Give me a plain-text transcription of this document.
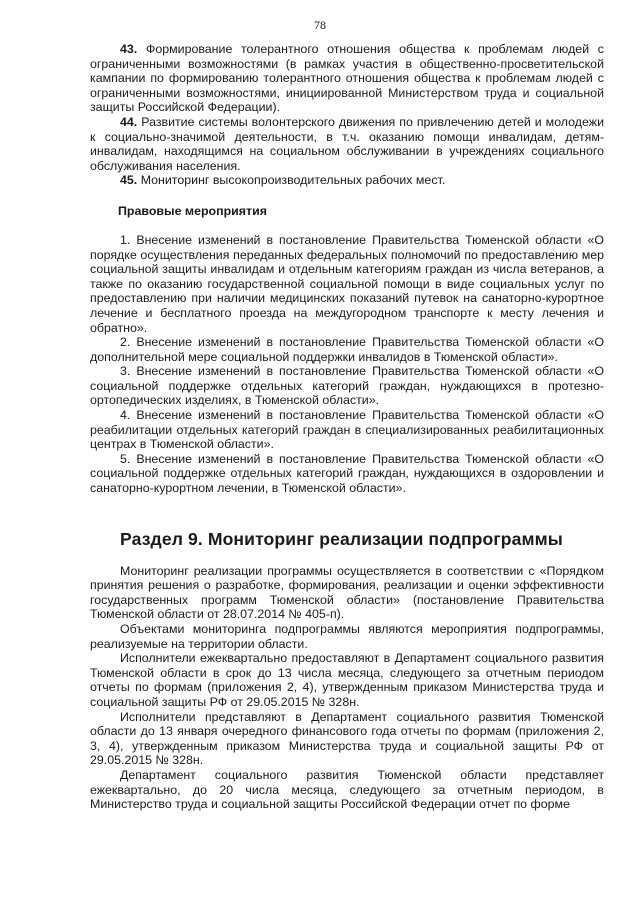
78

43. Формирование толерантного отношения общества к проблемам людей с ограниченными возможностями (в рамках участия в общественно-просветительской кампании по формированию толерантного отношения общества к проблемам людей с ограниченными возможностями, инициированной Министерством труда и социальной защиты Российской Федерации).

44. Развитие системы волонтерского движения по привлечению детей и молодежи к социально-значимой деятельности, в т.ч. оказанию помощи инвалидам, детям-инвалидам, находящимся на социальном обслуживании в учреждениях социального обслуживания населения.

45. Мониторинг высокопроизводительных рабочих мест.

Правовые мероприятия

1. Внесение изменений в постановление Правительства Тюменской области «О порядке осуществления переданных федеральных полномочий по предоставлению мер социальной защиты инвалидам и отдельным категориям граждан из числа ветеранов, а также по оказанию государственной социальной помощи в виде социальных услуг по предоставлению при наличии медицинских показаний путевок на санаторно-курортное лечение и бесплатного проезда на междугородном транспорте к месту лечения и обратно».

2. Внесение изменений в постановление Правительства Тюменской области «О дополнительной мере социальной поддержки инвалидов в Тюменской области».

3. Внесение изменений в постановление Правительства Тюменской области «О социальной поддержке отдельных категорий граждан, нуждающихся в протезно-ортопедических изделиях, в Тюменской области».

4. Внесение изменений в постановление Правительства Тюменской области «О реабилитации отдельных категорий граждан в специализированных реабилитационных центрах в Тюменской области».

5. Внесение изменений в постановление Правительства Тюменской области «О социальной поддержке отдельных категорий граждан, нуждающихся в оздоровлении и санаторно-курортном лечении, в Тюменской области».

Раздел 9. Мониторинг реализации подпрограммы

Мониторинг реализации программы осуществляется в соответствии с «Порядком принятия решения о разработке, формирования, реализации и оценки эффективности государственных программ Тюменской области» (постановление Правительства Тюменской области от 28.07.2014 № 405-п).

Объектами мониторинга подпрограммы являются мероприятия подпрограммы, реализуемые на территории области.

Исполнители ежеквартально предоставляют в Департамент социального развития Тюменской области в срок до 13 числа месяца, следующего за отчетным периодом отчеты по формам (приложения 2, 4), утвержденным приказом Министерства труда и социальной защиты РФ от 29.05.2015 № 328н.

Исполнители представляют в Департамент социального развития Тюменской области до 13 января очередного финансового года отчеты по формам (приложения 2, 3, 4), утвержденным приказом Министерства труда и социальной защиты РФ от 29.05.2015 № 328н.

Департамент социального развития Тюменской области представляет ежеквартально, до 20 числа месяца, следующего за отчетным периодом, в Министерство труда и социальной защиты Российской Федерации отчет по форме
